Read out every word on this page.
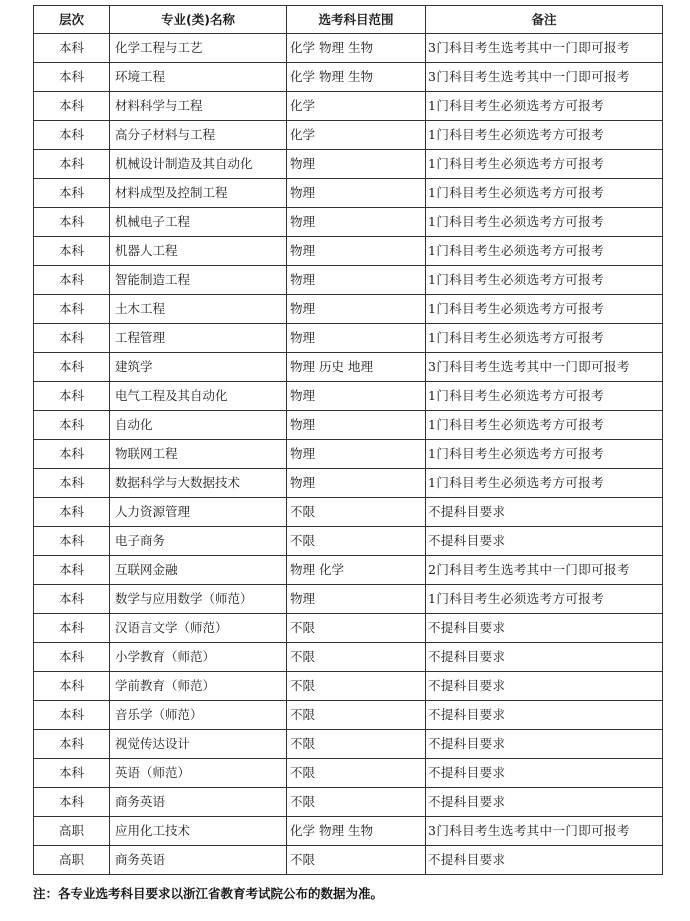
层次	专业(类)名称	选考科目范围	备注
本科	化学工程与工艺	化学 物理 生物	3门科目考生选考其中一门即可报考
本科	环境工程	化学 物理 生物	3门科目考生选考其中一门即可报考
本科	材料科学与工程	化学	1门科目考生必须选考方可报考
本科	高分子材料与工程	化学	1门科目考生必须选考方可报考
本科	机械设计制造及其自动化	物理	1门科目考生必须选考方可报考
本科	材料成型及控制工程	物理	1门科目考生必须选考方可报考
本科	机械电子工程	物理	1门科目考生必须选考方可报考
本科	机器人工程	物理	1门科目考生必须选考方可报考
本科	智能制造工程	物理	1门科目考生必须选考方可报考
本科	土木工程	物理	1门科目考生必须选考方可报考
本科	工程管理	物理	1门科目考生必须选考方可报考
本科	建筑学	物理 历史 地理	3门科目考生选考其中一门即可报考
本科	电气工程及其自动化	物理	1门科目考生必须选考方可报考
本科	自动化	物理	1门科目考生必须选考方可报考
本科	物联网工程	物理	1门科目考生必须选考方可报考
本科	数据科学与大数据技术	物理	1门科目考生必须选考方可报考
本科	人力资源管理	不限	不提科目要求
本科	电子商务	不限	不提科目要求
本科	互联网金融	物理 化学	2门科目考生选考其中一门即可报考
本科	数学与应用数学（师范）	物理	1门科目考生必须选考方可报考
本科	汉语言文学（师范）	不限	不提科目要求
本科	小学教育（师范）	不限	不提科目要求
本科	学前教育（师范）	不限	不提科目要求
本科	音乐学（师范）	不限	不提科目要求
本科	视觉传达设计	不限	不提科目要求
本科	英语（师范）	不限	不提科目要求
本科	商务英语	不限	不提科目要求
高职	应用化工技术	化学 物理 生物	3门科目考生选考其中一门即可报考
高职	商务英语	不限	不提科目要求
注：各专业选考科目要求以浙江省教育考试院公布的数据为准。
